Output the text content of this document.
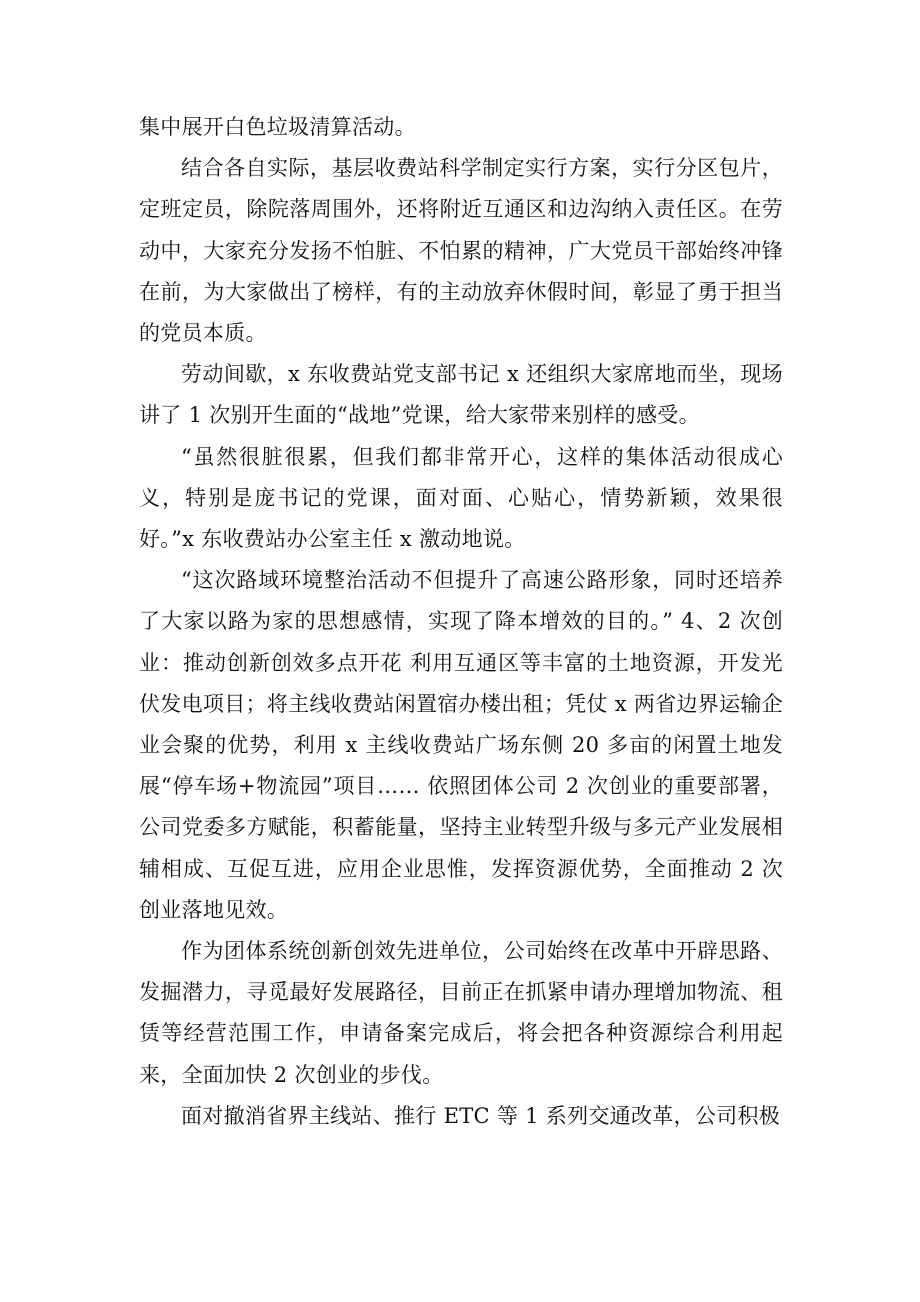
集中展开白色垃圾清算活动。

结合各自实际，基层收费站科学制定实行方案，实行分区包片，定班定员，除院落周围外，还将附近互通区和边沟纳入责任区。在劳动中，大家充分发扬不怕脏、不怕累的精神，广大党员干部始终冲锋在前，为大家做出了榜样，有的主动放弃休假时间，彰显了勇于担当的党员本质。

劳动间歇，x 东收费站党支部书记 x 还组织大家席地而坐，现场讲了 1 次别开生面的“战地”党课，给大家带来别样的感受。

“虽然很脏很累，但我们都非常开心，这样的集体活动很成心义，特别是庞书记的党课，面对面、心贴心，情势新颖，效果很好。”x 东收费站办公室主任 x 激动地说。

“这次路域环境整治活动不但提升了高速公路形象，同时还培养了大家以路为家的思想感情，实现了降本增效的目的。” 4、2 次创业：推动创新创效多点开花 利用互通区等丰富的土地资源，开发光伏发电项目；将主线收费站闲置宿办楼出租；凭仗 x 两省边界运输企业会聚的优势，利用 x 主线收费站广场东侧 20 多亩的闲置土地发展“停车场+物流园”项目…… 依照团体公司 2 次创业的重要部署，公司党委多方赋能，积蓄能量，坚持主业转型升级与多元产业发展相辅相成、互促互进，应用企业思惟，发挥资源优势，全面推动 2 次创业落地见效。

作为团体系统创新创效先进单位，公司始终在改革中开辟思路、发掘潜力，寻觅最好发展路径，目前正在抓紧申请办理增加物流、租赁等经营范围工作，申请备案完成后，将会把各种资源综合利用起来，全面加快 2 次创业的步伐。

面对撤消省界主线站、推行 ETC 等 1 系列交通改革，公司积极
